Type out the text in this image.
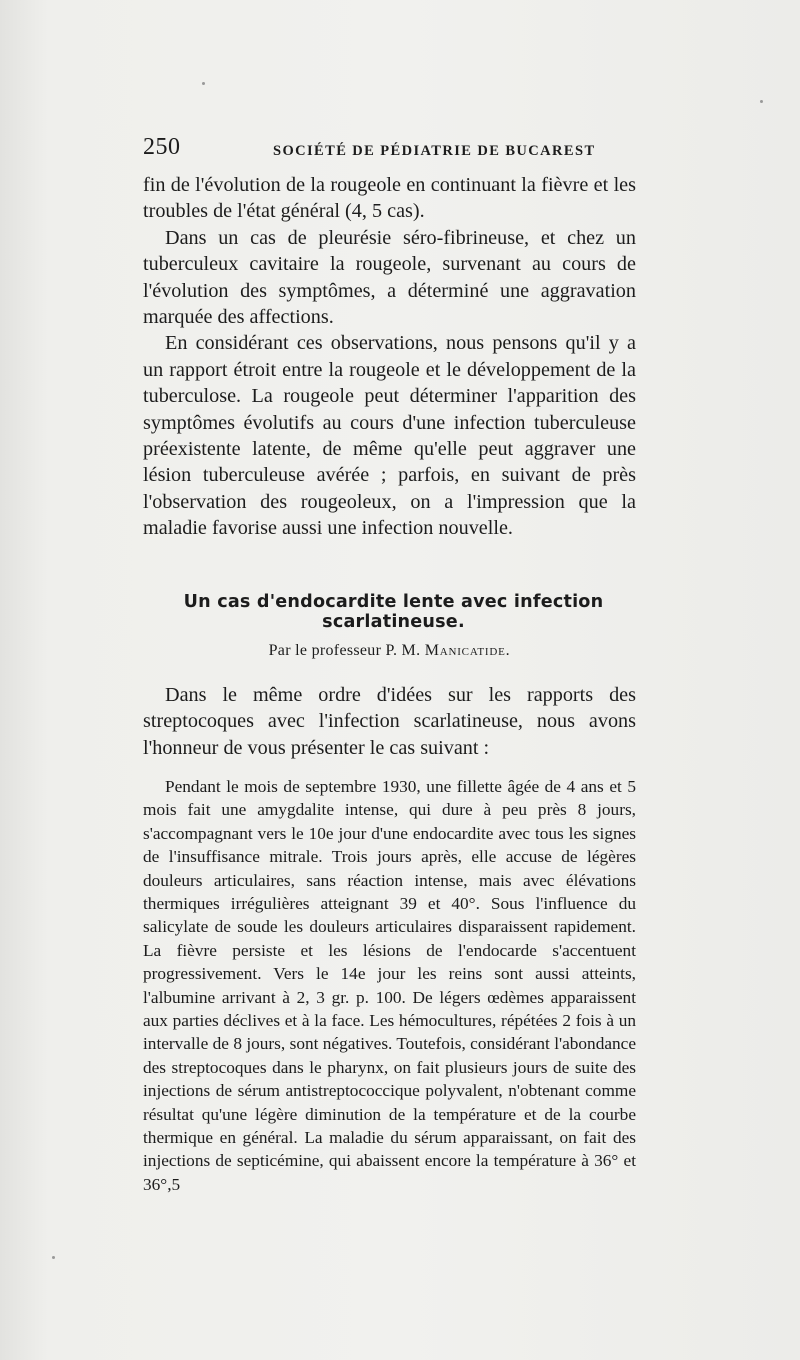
250	SOCIÉTÉ DE PÉDIATRIE DE BUCAREST

fin de l'évolution de la rougeole en continuant la fièvre et les troubles de l'état général (4, 5 cas).

Dans un cas de pleurésie séro-fibrineuse, et chez un tuberculeux cavitaire la rougeole, survenant au cours de l'évolution des symptômes, a déterminé une aggravation marquée des affections.

En considérant ces observations, nous pensons qu'il y a un rapport étroit entre la rougeole et le développement de la tuberculose. La rougeole peut déterminer l'apparition des symptômes évolutifs au cours d'une infection tuberculeuse préexistente latente, de même qu'elle peut aggraver une lésion tuberculeuse avérée ; parfois, en suivant de près l'observation des rougeoleux, on a l'impression que la maladie favorise aussi une infection nouvelle.

Un cas d'endocardite lente avec infection scarlatineuse.
Par le professeur P. M. Manicatide.

Dans le même ordre d'idées sur les rapports des streptocoques avec l'infection scarlatineuse, nous avons l'honneur de vous présenter le cas suivant :

Pendant le mois de septembre 1930, une fillette âgée de 4 ans et 5 mois fait une amygdalite intense, qui dure à peu près 8 jours, s'accompagnant vers le 10e jour d'une endocardite avec tous les signes de l'insuffisance mitrale. Trois jours après, elle accuse de légères douleurs articulaires, sans réaction intense, mais avec élévations thermiques irrégulières atteignant 39 et 40°. Sous l'influence du salicylate de soude les douleurs articulaires disparaissent rapidement. La fièvre persiste et les lésions de l'endocarde s'accentuent progressivement. Vers le 14e jour les reins sont aussi atteints, l'albumine arrivant à 2, 3 gr. p. 100. De légers œdèmes apparaissent aux parties déclives et à la face. Les hémocultures, répétées 2 fois à un intervalle de 8 jours, sont négatives. Toutefois, considérant l'abondance des streptocoques dans le pharynx, on fait plusieurs jours de suite des injections de sérum antistreptococcique polyvalent, n'obtenant comme résultat qu'une légère diminution de la température et de la courbe thermique en général. La maladie du sérum apparaissant, on fait des injections de septicémine, qui abaissent encore la température à 36° et 36°,5
